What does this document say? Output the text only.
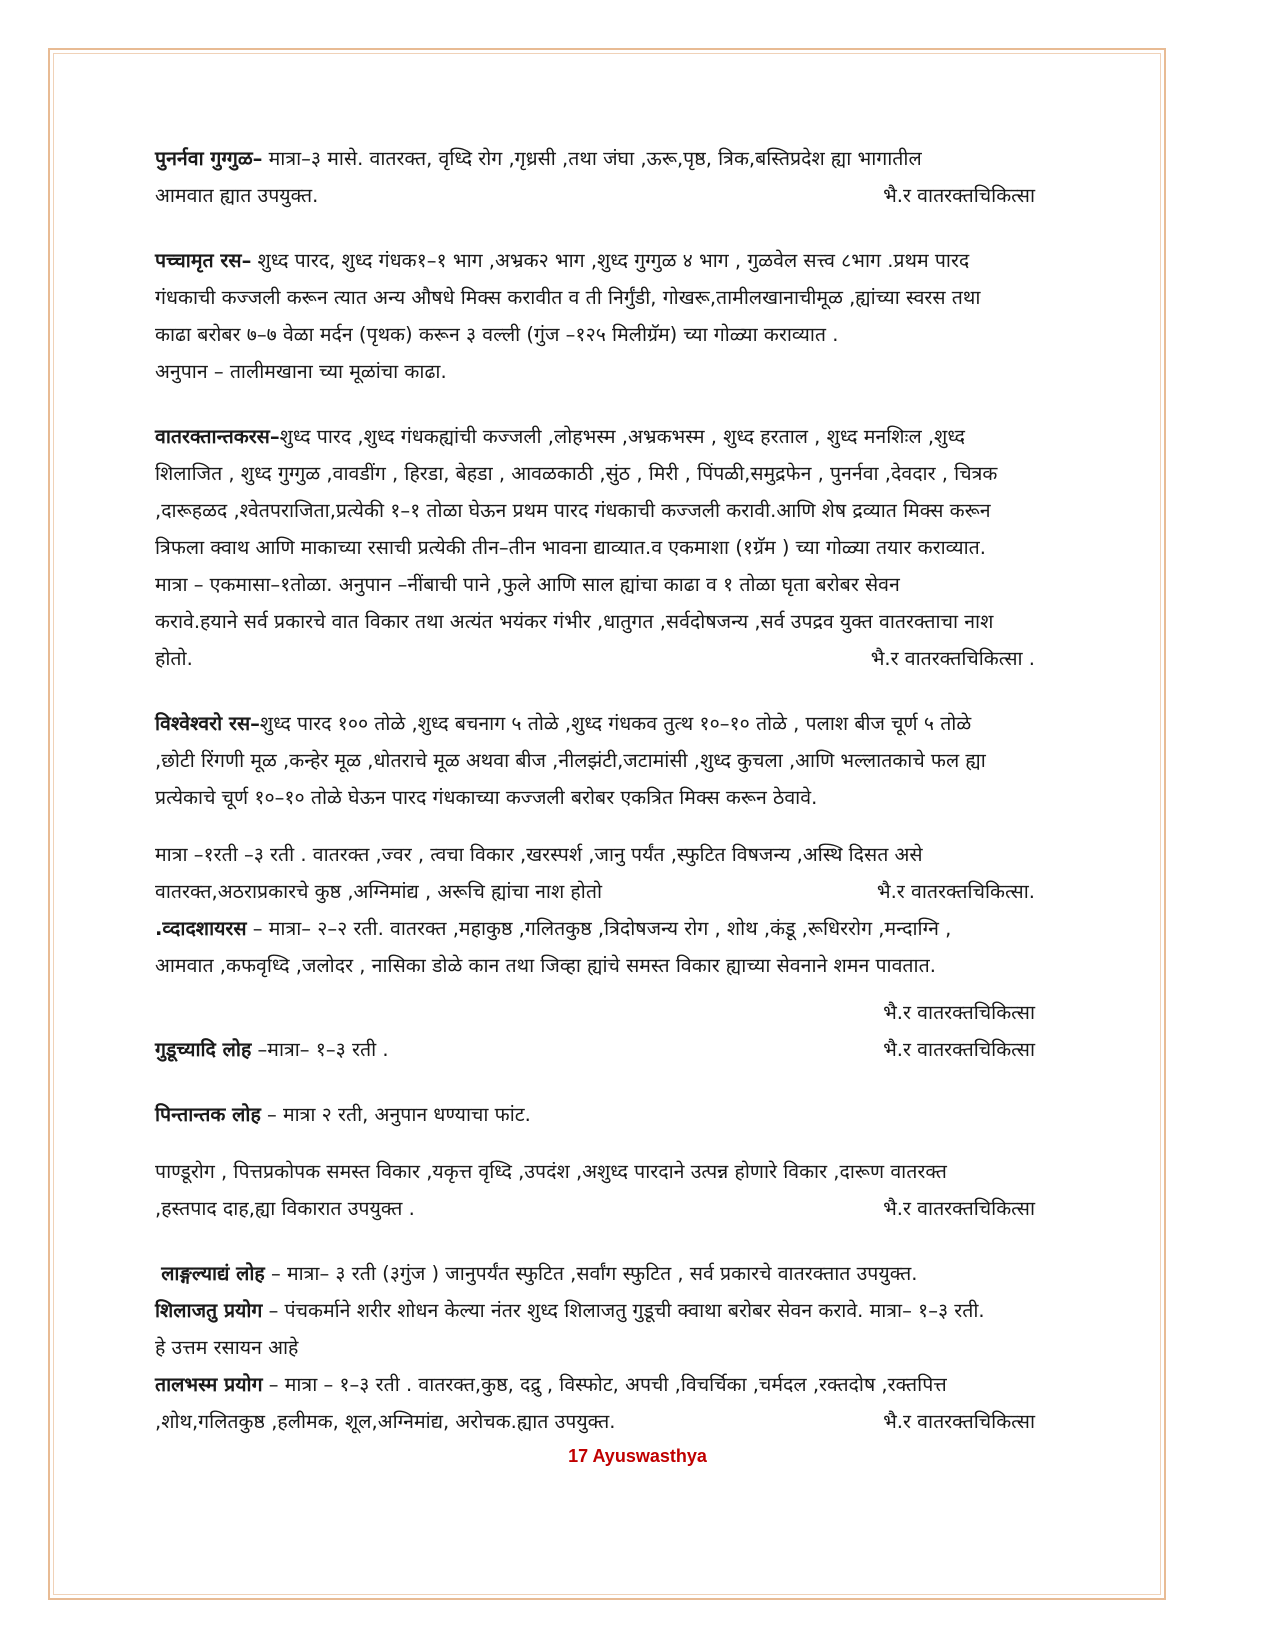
पुनर्नवा गुग्गुळ– मात्रा–३ मासे. वातरक्त, वृध्दि रोग ,गृध्रसी ,तथा जंघा ,ऊरू,पृष्ठ, त्रिक,बस्तिप्रदेश ह्या भागातील
आमवात ह्यात उपयुक्त.	भै.र वातरक्तचिकित्सा
पच्चामृत रस– शुध्द पारद, शुध्द गंधक१–१ भाग ,अभ्रक२ भाग ,शुध्द गुग्गुळ ४ भाग , गुळवेल सत्त्व ८भाग .प्रथम पारद
गंधकाची कज्जली करून त्यात अन्य औषधे मिक्स करावीत व ती निर्गुंडी, गोखरू,तामीलखानाचीमूळ ,ह्यांच्या स्वरस तथा
काढा बरोबर ७–७ वेळा मर्दन (पृथक) करून ३ वल्ली (गुंज –१२५ मिलीग्रॅम) च्या गोळ्या कराव्यात .
अनुपान – तालीमखाना च्या मूळांचा काढा.
वातरक्तान्तकरस–शुध्द पारद ,शुध्द गंधकह्यांची कज्जली ,लोहभस्म ,अभ्रकभस्म , शुध्द हरताल , शुध्द मनशिःल ,शुध्द
शिलाजित , शुध्द गुग्गुळ ,वावडींग , हिरडा, बेहडा , आवळकाठी ,सुंठ , मिरी , पिंपळी,समुद्रफेन , पुनर्नवा ,देवदार , चित्रक
,दारूहळद ,श्वेतपराजिता,प्रत्येकी १–१ तोळा घेऊन प्रथम पारद गंधकाची कज्जली करावी.आणि शेष द्रव्यात मिक्स करून
त्रिफला क्वाथ आणि माकाच्या रसाची प्रत्येकी तीन–तीन भावना द्याव्यात.व एकमाशा (१ग्रॅम ) च्या गोळ्या तयार कराव्यात.
मात्रा – एकमासा–१तोळा. अनुपान –नींबाची पाने ,फुले आणि साल ह्यांचा काढा व १ तोळा घृता बरोबर सेवन
करावे.हयाने सर्व प्रकारचे वात विकार तथा अत्यंत भयंकर गंभीर ,धातुगत ,सर्वदोषजन्य ,सर्व उपद्रव युक्त वातरक्ताचा नाश
होतो.	भै.र वातरक्तचिकित्सा .
विश्वेश्वरो रस–शुध्द पारद १०० तोळे ,शुध्द बचनाग ५ तोळे ,शुध्द गंधकव तुत्थ १०–१० तोळे , पलाश बीज चूर्ण ५ तोळे
,छोटी रिंगणी मूळ ,कन्हेर मूळ ,धोतराचे मूळ अथवा बीज ,नीलझंटी,जटामांसी ,शुध्द कुचला ,आणि भल्लातकाचे फल ह्या
प्रत्येकाचे चूर्ण १०–१० तोळे घेऊन पारद गंधकाच्या कज्जली बरोबर एकत्रित मिक्स करून ठेवावे.
मात्रा –१रती –३ रती . वातरक्त ,ज्वर , त्वचा विकार ,खरस्पर्श ,जानु पर्यंत ,स्फुटित विषजन्य ,अस्थि दिसत असे
वातरक्त,अठराप्रकारचे कुष्ठ ,अग्निमांद्य , अरूचि ह्यांचा नाश होतो	भै.र वातरक्तचिकित्सा.
.व्दादशायरस – मात्रा– २–२ रती. वातरक्त ,महाकुष्ठ ,गलितकुष्ठ ,त्रिदोषजन्य रोग , शोथ ,कंडू ,रूधिररोग ,मन्दाग्नि ,
आमवात ,कफवृध्दि ,जलोदर , नासिका डोळे कान तथा जिव्हा ह्यांचे समस्त विकार ह्याच्या सेवनाने शमन पावतात.

भै.र वातरक्तचिकित्सा
गुडूच्यादि लोह –मात्रा– १–३ रती .	भै.र वातरक्तचिकित्सा
पिन्तान्तक लोह – मात्रा २ रती, अनुपान धण्याचा फांट.
पाण्डूरोग , पित्तप्रकोपक समस्त विकार ,यकृत्त वृध्दि ,उपदंश ,अशुध्द पारदाने उत्पन्न होणारे विकार ,दारूण वातरक्त
,हस्तपाद दाह,ह्या विकारात उपयुक्त .	भै.र वातरक्तचिकित्सा
लाङ्गल्याद्यं लोह – मात्रा– ३ रती (३गुंज ) जानुपर्यंत स्फुटित ,सर्वांग स्फुटित , सर्व प्रकारचे वातरक्तात उपयुक्त.
शिलाजतु प्रयोग – पंचकर्माने शरीर शोधन केल्या नंतर शुध्द शिलाजतु गुडूची क्वाथा बरोबर सेवन करावे. मात्रा– १–३ रती.
हे उत्तम रसायन आहे
तालभस्म प्रयोग – मात्रा – १–३ रती . वातरक्त,कुष्ठ, दद्रु , विस्फोट, अपची ,विचर्चिका ,चर्मदल ,रक्तदोष ,रक्तपित्त
,शोथ,गलितकुष्ठ ,हलीमक, शूल,अग्निमांद्य, अरोचक.ह्यात उपयुक्त.	भै.र वातरक्तचिकित्सा
17 Ayuswasthya
